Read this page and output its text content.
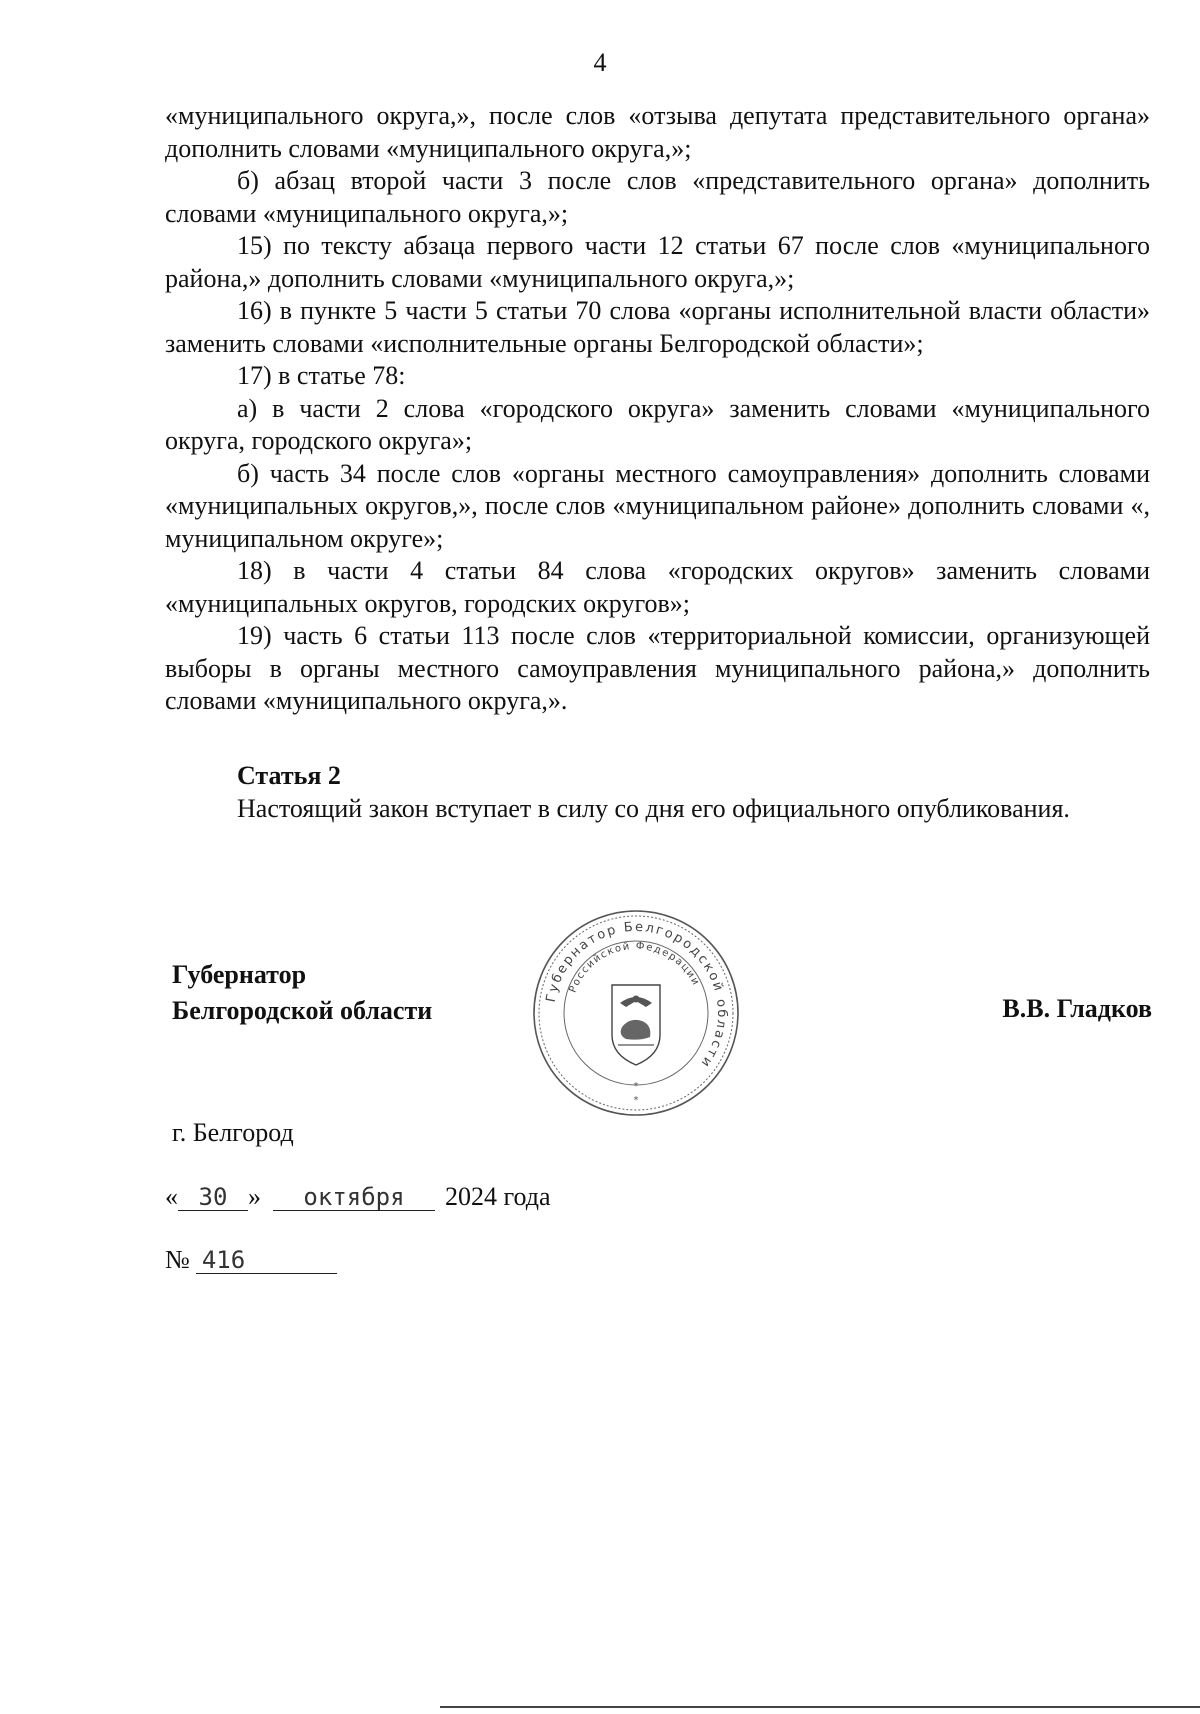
4

«муниципального округа,», после слов «отзыва депутата представительного органа» дополнить словами «муниципального округа,»;

б) абзац второй части 3 после слов «представительного органа» дополнить словами «муниципального округа,»;

15) по тексту абзаца первого части 12 статьи 67 после слов «муниципального района,» дополнить словами «муниципального округа,»;

16) в пункте 5 части 5 статьи 70 слова «органы исполнительной власти области» заменить словами «исполнительные органы Белгородской области»;

17) в статье 78:

а) в части 2 слова «городского округа» заменить словами «муниципального округа, городского округа»;

б) часть 34 после слов «органы местного самоуправления» дополнить словами «муниципальных округов,», после слов «муниципальном районе» дополнить словами «, муниципальном округе»;

18) в части 4 статьи 84 слова «городских округов» заменить словами «муниципальных округов, городских округов»;

19) часть 6 статьи 113 после слов «территориальной комиссии, организующей выборы в органы местного самоуправления муниципального района,» дополнить словами «муниципального округа,».

Статья 2

Настоящий закон вступает в силу со дня его официального опубликования.

Губернатор
Белгородской области	Губернатор Белгородской области
Российской Федерации
*
*
В.В. Гладков
г. Белгород
« 30 » октября 2024 года
№ 416
